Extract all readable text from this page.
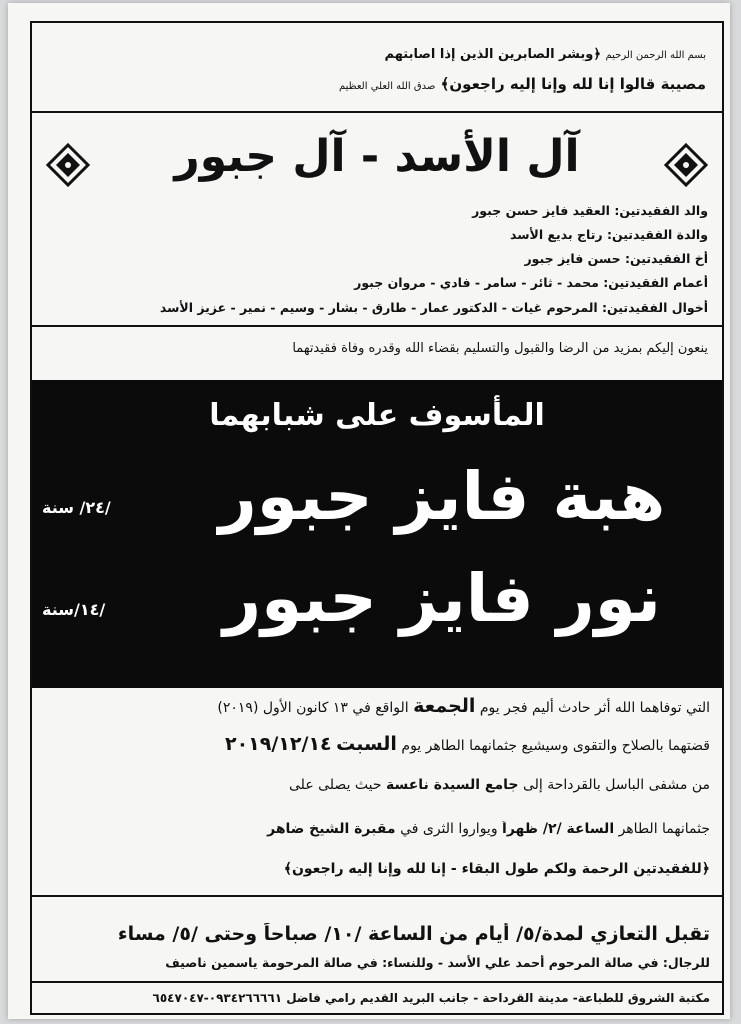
بسم الله الرحمن الرحيم ﴿وبشر الصابرين الذين إذا اصابتهم
مصيبة قالوا إنا لله وإنا إليه راجعون﴾ صدق الله العلي العظيم
آل الأسد - آل جبور
والد الفقيدتين: العقيد فايز حسن جبور
والدة الفقيدتين: رتاج بديع الأسد
أخ الفقيدتين: حسن فايز جبور
أعمام الفقيدتين: محمد - ثائر - سامر - فادي - مروان جبور
أخوال الفقيدتين: المرحوم غيات - الدكتور عمار - طارق - بشار - وسيم - نمير - عزيز الأسد
ينعون إليكم بمزيد من الرضا والقبول والتسليم بقضاء الله وقدره وفاة فقيدتهما
المأسوف على شبابهما
هبة فايز جبور
/٢٤/ سنة
نور فايز جبور
/١٤/سنة
التي توفاهما الله أثر حادث أليم فجر يوم الجمعة الواقع في ١٣ كانون الأول (٢٠١٩)
قضتهما بالصلاح والتقوى وسيشيع جثمانهما الطاهر يوم السبت ٢٠١٩/١٢/١٤
من مشفى الباسل بالقرداحة إلى جامع السيدة ناعسة حيث يصلى على
جثمانهما الطاهر الساعة /٢/ ظهراً ويواروا الثرى في مقبرة الشيخ ضاهر
﴿للفقيدتين الرحمة ولكم طول البقاء - إنا لله وإنا إليه راجعون﴾
تقبل التعازي لمدة/٥/ أيام من الساعة /١٠/ صباحاً وحتى /٥/ مساء
للرجال: في صالة المرحوم أحمد علي الأسد - وللنساء: في صالة المرحومة ياسمين ناصيف
مكتبة الشروق للطباعة- مدينة القرداحة - جانب البريد القديم رامي فاضل ٠٩٣٤٢٦٦٦٦١-٦٥٤٧٠٤٧
